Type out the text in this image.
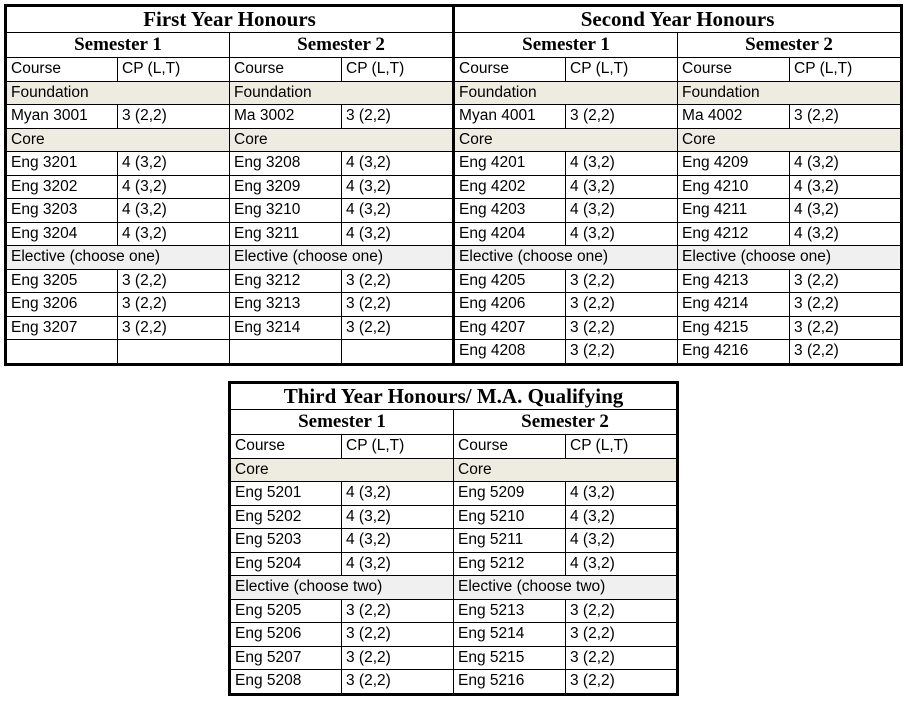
First Year Honours				Second Year Honours			
Semester 1		Semester 2		Semester 1		Semester 2	
Course	CP (L,T)	Course	CP (L,T)	Course	CP (L,T)	Course	CP (L,T)
Foundation		Foundation		Foundation		Foundation	
Myan 3001	3 (2,2)	Ma 3002	3 (2,2)	Myan 4001	3 (2,2)	Ma 4002	3 (2,2)
Core		Core		Core		Core	
Eng 3201	4 (3,2)	Eng 3208	4 (3,2)	Eng 4201	4 (3,2)	Eng 4209	4 (3,2)
Eng 3202	4 (3,2)	Eng 3209	4 (3,2)	Eng 4202	4 (3,2)	Eng 4210	4 (3,2)
Eng 3203	4 (3,2)	Eng 3210	4 (3,2)	Eng 4203	4 (3,2)	Eng 4211	4 (3,2)
Eng 3204	4 (3,2)	Eng 3211	4 (3,2)	Eng 4204	4 (3,2)	Eng 4212	4 (3,2)
Elective (choose one)		Elective (choose one)		Elective (choose one)		Elective (choose one)	
Eng 3205	3 (2,2)	Eng 3212	3 (2,2)	Eng 4205	3 (2,2)	Eng 4213	3 (2,2)
Eng 3206	3 (2,2)	Eng 3213	3 (2,2)	Eng 4206	3 (2,2)	Eng 4214	3 (2,2)
Eng 3207	3 (2,2)	Eng 3214	3 (2,2)	Eng 4207	3 (2,2)	Eng 4215	3 (2,2)
				Eng 4208	3 (2,2)	Eng 4216	3 (2,2)
Third Year Honours/ M.A. Qualifying			
Semester 1		Semester 2	
Course	CP (L,T)	Course	CP (L,T)
Core		Core	
Eng 5201	4 (3,2)	Eng 5209	4 (3,2)
Eng 5202	4 (3,2)	Eng 5210	4 (3,2)
Eng 5203	4 (3,2)	Eng 5211	4 (3,2)
Eng 5204	4 (3,2)	Eng 5212	4 (3,2)
Elective (choose two)		Elective (choose two)	
Eng 5205	3 (2,2)	Eng 5213	3 (2,2)
Eng 5206	3 (2,2)	Eng 5214	3 (2,2)
Eng 5207	3 (2,2)	Eng 5215	3 (2,2)
Eng 5208	3 (2,2)	Eng 5216	3 (2,2)
